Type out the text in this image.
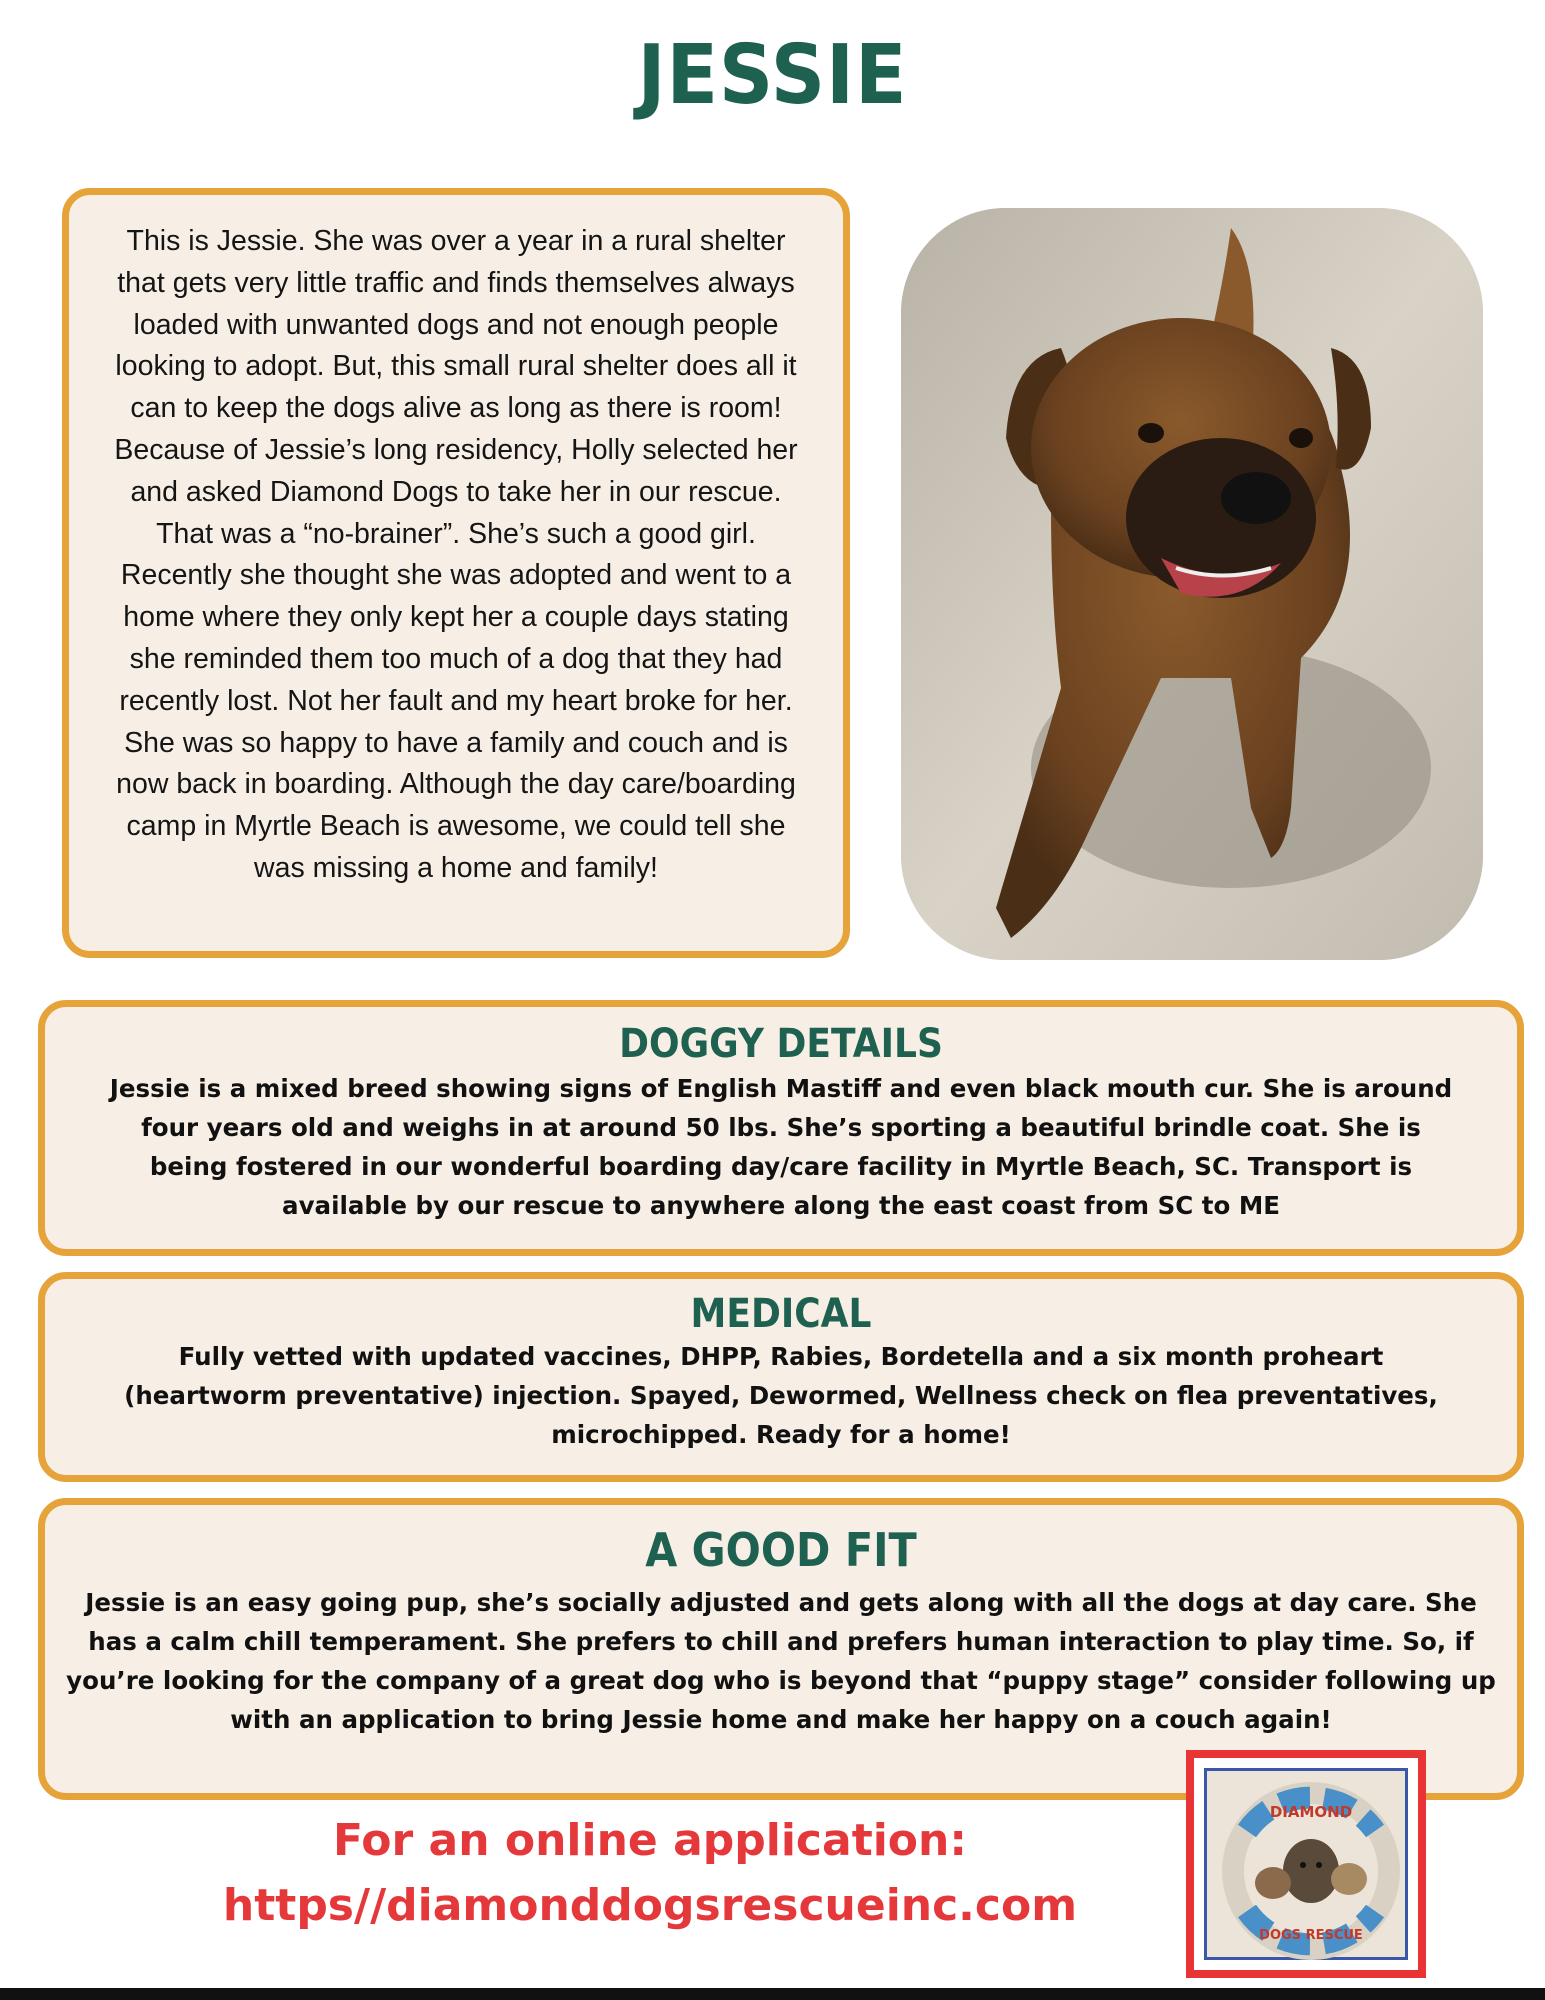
JESSIE

This is Jessie. She was over a year in a rural shelter that gets very little traffic and finds themselves always loaded with unwanted dogs and not enough people looking to adopt. But, this small rural shelter does all it can to keep the dogs alive as long as there is room! Because of Jessie’s long residency, Holly selected her and asked Diamond Dogs to take her in our rescue. That was a “no-brainer”. She’s such a good girl. Recently she thought she was adopted and went to a home where they only kept her a couple days stating she reminded them too much of a dog that they had recently lost. Not her fault and my heart broke for her. She was so happy to have a family and couch and is now back in boarding. Although the day care/boarding camp in Myrtle Beach is awesome, we could tell she was missing a home and family!

DOGGY DETAILS

Jessie is a mixed breed showing signs of English Mastiff and even black mouth cur. She is around four years old and weighs in at around 50 lbs. She’s sporting a beautiful brindle coat. She is being fostered in our wonderful boarding day/care facility in Myrtle Beach, SC. Transport is available by our rescue to anywhere along the east coast from SC to ME

MEDICAL

Fully vetted with updated vaccines, DHPP, Rabies, Bordetella and a six month proheart (heartworm preventative) injection. Spayed, Dewormed, Wellness check on flea preventatives, microchipped. Ready for a home!

A GOOD FIT

Jessie is an easy going pup, she’s socially adjusted and gets along with all the dogs at day care. She has a calm chill temperament. She prefers to chill and prefers human interaction to play time. So, if you’re looking for the company of a great dog who is beyond that “puppy stage” consider following up with an application to bring Jessie home and make her happy on a couch again!

For an online application:
https//diamonddogsrescueinc.com
DIAMOND
DOGS RESCUE
